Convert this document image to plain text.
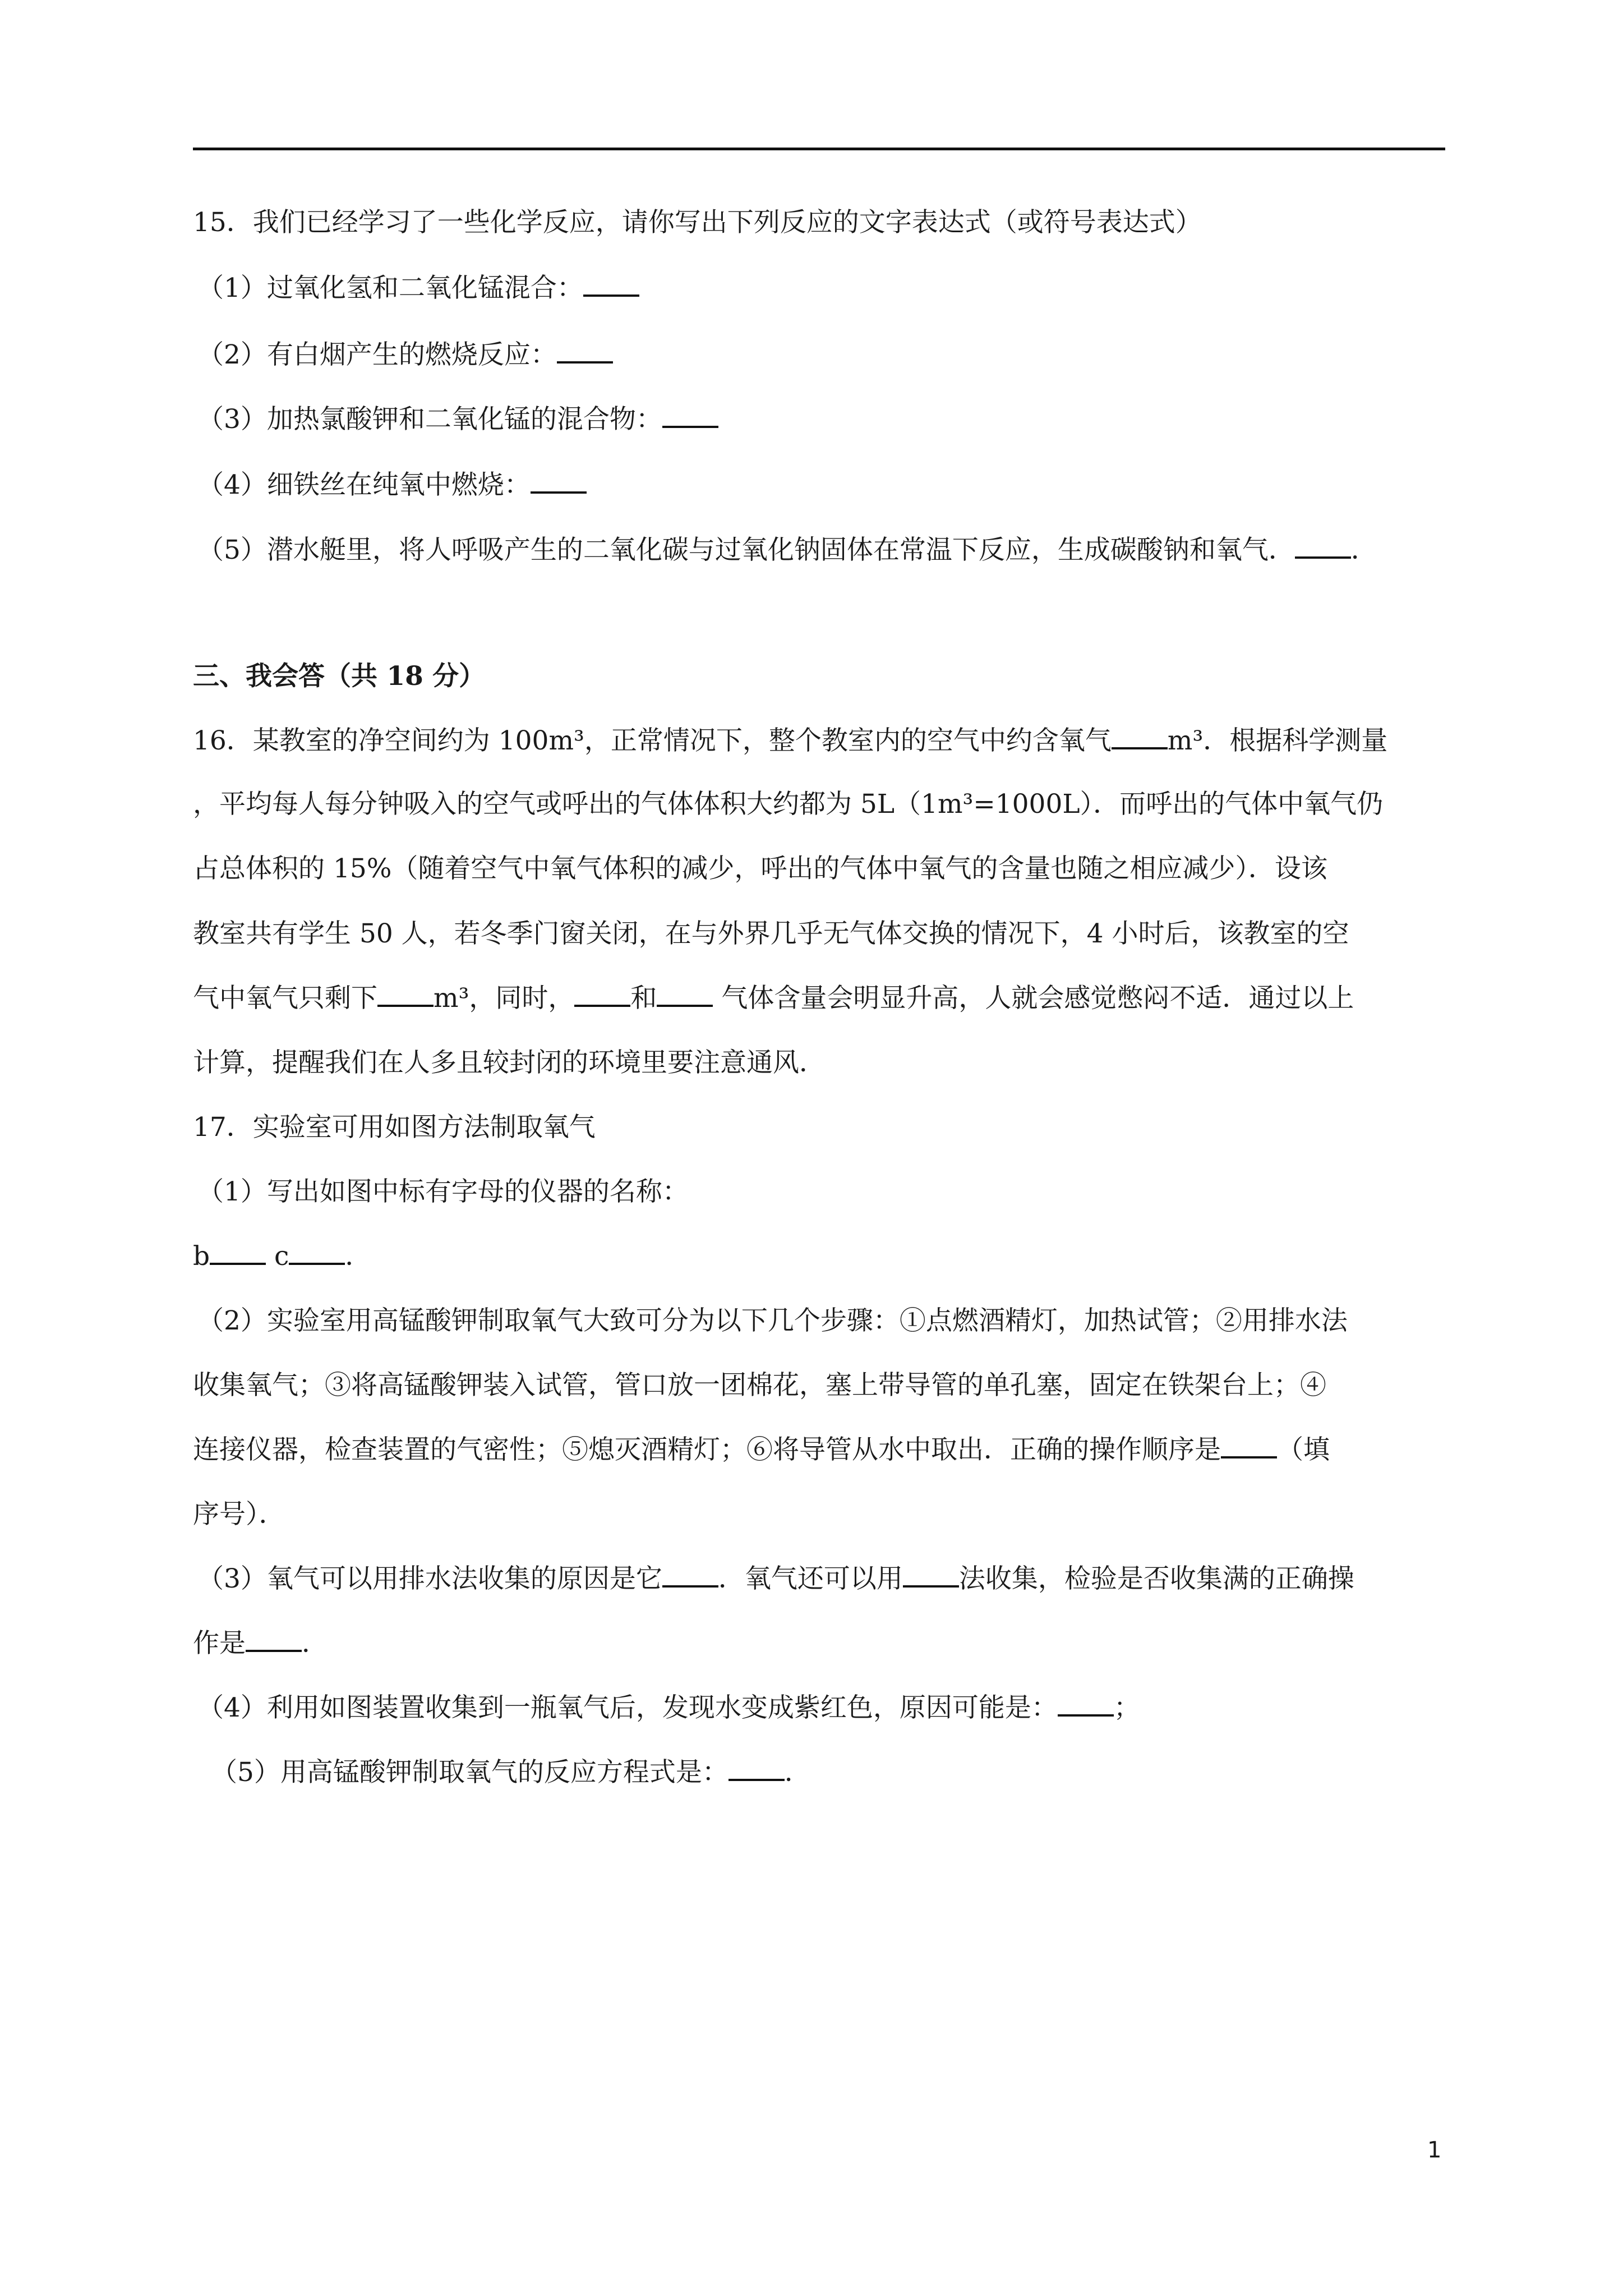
15．我们已经学习了一些化学反应，请你写出下列反应的文字表达式（或符号表达式）
（1）过氧化氢和二氧化锰混合：
（2）有白烟产生的燃烧反应：
（3）加热氯酸钾和二氧化锰的混合物：
（4）细铁丝在纯氧中燃烧：
（5）潜水艇里，将人呼吸产生的二氧化碳与过氧化钠固体在常温下反应，生成碳酸钠和氧气． ．
三、我会答（共 18 分）
16．某教室的净空间约为 100m³，正常情况下，整个教室内的空气中约含氧气 m³．根据科学测量
，平均每人每分钟吸入的空气或呼出的气体体积大约都为 5L（1m³=1000L）．而呼出的气体中氧气仍
占总体积的 15%（随着空气中氧气体积的减少，呼出的气体中氧气的含量也随之相应减少）．设该
教室共有学生 50 人，若冬季门窗关闭，在与外界几乎无气体交换的情况下，4 小时后，该教室的空
气中氧气只剩下 m³，同时， 和 气体含量会明显升高，人就会感觉憋闷不适．通过以上
计算，提醒我们在人多且较封闭的环境里要注意通风．
17．实验室可用如图方法制取氧气
（1）写出如图中标有字母的仪器的名称：
b c ．
（2）实验室用高锰酸钾制取氧气大致可分为以下几个步骤：①点燃酒精灯，加热试管；②用排水法
收集氧气；③将高锰酸钾装入试管，管口放一团棉花，塞上带导管的单孔塞，固定在铁架台上；④
连接仪器，检查装置的气密性；⑤熄灭酒精灯；⑥将导管从水中取出．正确的操作顺序是 （填
序号）．
（3）氧气可以用排水法收集的原因是它 ．氧气还可以用 法收集，检验是否收集满的正确操
作是 ．
（4）利用如图装置收集到一瓶氧气后，发现水变成紫红色，原因可能是： ；
（5）用高锰酸钾制取氧气的反应方程式是： ．
1
